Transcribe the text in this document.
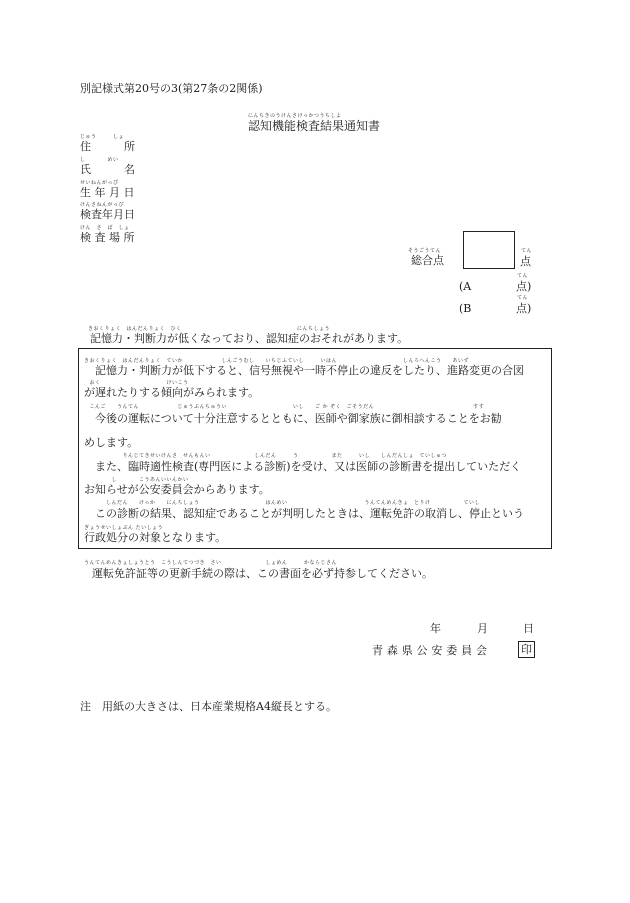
別記様式第20号の3(第27条の2関係)
にんちきのうけんさけっかつうちしよ
認知機能検査結果通知書
じゅう　　　しょ
住　　　所
し　　　　めい
氏　　　名
せいねんがっぴ
生 年 月 日
けんさねんがっぴ
検査年月日
けん　さ　ば　しょ
検 査 場 所
そうごうてん
総合点
てん
点
(A
てん
点)
(B
てん
点)
きおくりょく　はんだんりょく　ひく　　　　　　　　　　　　　　　　　　　　　にんちしょう
記憶力・判断力が低くなっており、認知症のおそれがあります。
きおくりょく　はんだんりょく　ていか　　　　　　　しんごうむし　　いちじふていし　　　いはん　　　　　　　　　　　　しんろへんこう　　あいず
　記憶力・判断力が低下すると、信号無視や一時不停止の違反をしたり、進路変更の合図
　おく　　　　　　　　　　　　けいこう
が遅れたりする傾向がみられます。
　こんご　　うんてん　　　　　　　じゅうぶんちゅうい　　　　　　　　　　　　いし　　ご か ぞく　ごそうだん　　　　　　　　　　　　　　　　　　すす
　今後の運転について十分注意するとともに、医師や御家族に御相談することをお勧
めします。
　　　　　　　りんじてきせいけんさ　せんもんい　　　　　　　　しんだん　　　う　　　　　　また　　　いし　　しんだんしょ　ていしゅつ
　また、臨時適性検査(専門医による診断)を受け、又は医師の診断書を提出していただく
　　　　　し　　　　こうあんいいんかい
お知らせが公安委員会からあります。
　　　　しんだん　　けっか　　にんちしょう　　　　　　　　　　　　はんめい　　　　　　　　　　　　　　うんてんめんきょ　とりけ　　　　　　ていし
　この診断の結果、認知症であることが判明したときは、運転免許の取消し、停止という
ぎょうせいしょぶん たいしょう
行政処分の対象となります。
うんてんめんきょしょうとう　こうしんてつづき　さい　　　　　　　　しょめん　　　かならじさん
運転免許証等の更新手続の際は、この書面を必ず持参してください。
年	月	日
青森県公安委員会	印
注　用紙の大きさは、日本産業規格A4縦長とする。
